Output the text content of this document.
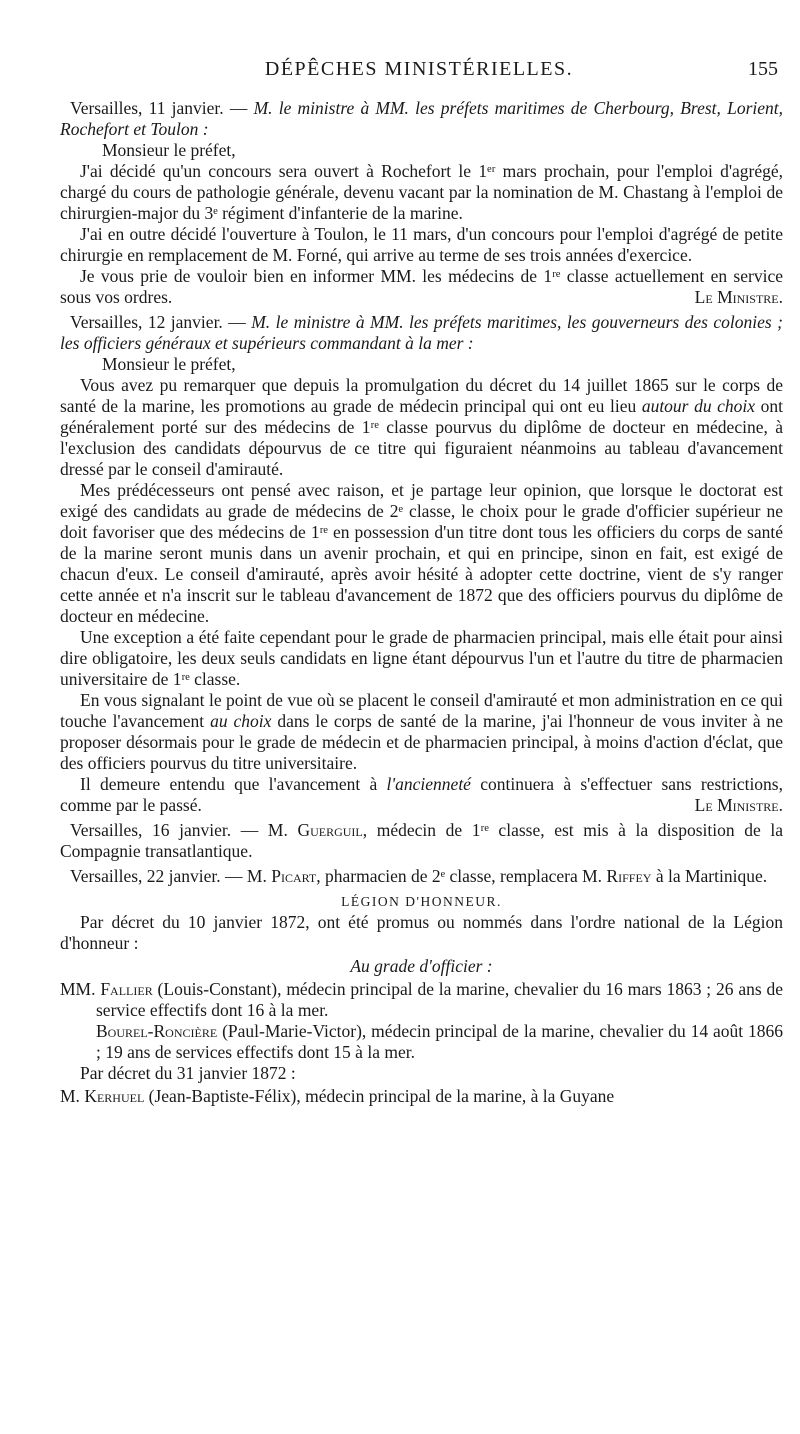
DÉPÊCHES MINISTÉRIELLES.	155

Versailles, 11 janvier. — M. le ministre à MM. les préfets maritimes de Cherbourg, Brest, Lorient, Rochefort et Toulon :

Monsieur le préfet,

J'ai décidé qu'un concours sera ouvert à Rochefort le 1ᵉʳ mars prochain, pour l'emploi d'agrégé, chargé du cours de pathologie générale, devenu vacant par la nomination de M. Chastang à l'emploi de chirurgien-major du 3ᵉ régiment d'infanterie de la marine.

J'ai en outre décidé l'ouverture à Toulon, le 11 mars, d'un concours pour l'emploi d'agrégé de petite chirurgie en remplacement de M. Forné, qui arrive au terme de ses trois années d'exercice.

Je vous prie de vouloir bien en informer MM. les médecins de 1ʳᵉ classe actuellement en service sous vos ordres.	Le Ministre.

Versailles, 12 janvier. — M. le ministre à MM. les préfets maritimes, les gouverneurs des colonies ; les officiers généraux et supérieurs commandant à la mer :

Monsieur le préfet,

Vous avez pu remarquer que depuis la promulgation du décret du 14 juillet 1865 sur le corps de santé de la marine, les promotions au grade de médecin principal qui ont eu lieu autour du choix ont généralement porté sur des médecins de 1ʳᵉ classe pourvus du diplôme de docteur en médecine, à l'exclusion des candidats dépourvus de ce titre qui figuraient néanmoins au tableau d'avancement dressé par le conseil d'amirauté.

Mes prédécesseurs ont pensé avec raison, et je partage leur opinion, que lorsque le doctorat est exigé des candidats au grade de médecins de 2ᵉ classe, le choix pour le grade d'officier supérieur ne doit favoriser que des médecins de 1ʳᵉ en possession d'un titre dont tous les officiers du corps de santé de la marine seront munis dans un avenir prochain, et qui en principe, sinon en fait, est exigé de chacun d'eux. Le conseil d'amirauté, après avoir hésité à adopter cette doctrine, vient de s'y ranger cette année et n'a inscrit sur le tableau d'avancement de 1872 que des officiers pourvus du diplôme de docteur en médecine.

Une exception a été faite cependant pour le grade de pharmacien principal, mais elle était pour ainsi dire obligatoire, les deux seuls candidats en ligne étant dépourvus l'un et l'autre du titre de pharmacien universitaire de 1ʳᵉ classe.

En vous signalant le point de vue où se placent le conseil d'amirauté et mon administration en ce qui touche l'avancement au choix dans le corps de santé de la marine, j'ai l'honneur de vous inviter à ne proposer désormais pour le grade de médecin et de pharmacien principal, à moins d'action d'éclat, que des officiers pourvus du titre universitaire.

Il demeure entendu que l'avancement à l'ancienneté continuera à s'effectuer sans restrictions, comme par le passé.	Le Ministre.

Versailles, 16 janvier. — M. Guerguil, médecin de 1ʳᵉ classe, est mis à la disposition de la Compagnie transatlantique.

Versailles, 22 janvier. — M. Picart, pharmacien de 2ᵉ classe, remplacera M. Riffey à la Martinique.

LÉGION D'HONNEUR.

Par décret du 10 janvier 1872, ont été promus ou nommés dans l'ordre national de la Légion d'honneur :

Au grade d'officier :

MM. Fallier (Louis-Constant), médecin principal de la marine, chevalier du 16 mars 1863 ; 26 ans de service effectifs dont 16 à la mer.

Bourel-Roncière (Paul-Marie-Victor), médecin principal de la marine, chevalier du 14 août 1866 ; 19 ans de services effectifs dont 15 à la mer.

Par décret du 31 janvier 1872 :

M. Kerhuel (Jean-Baptiste-Félix), médecin principal de la marine, à la Guyane
